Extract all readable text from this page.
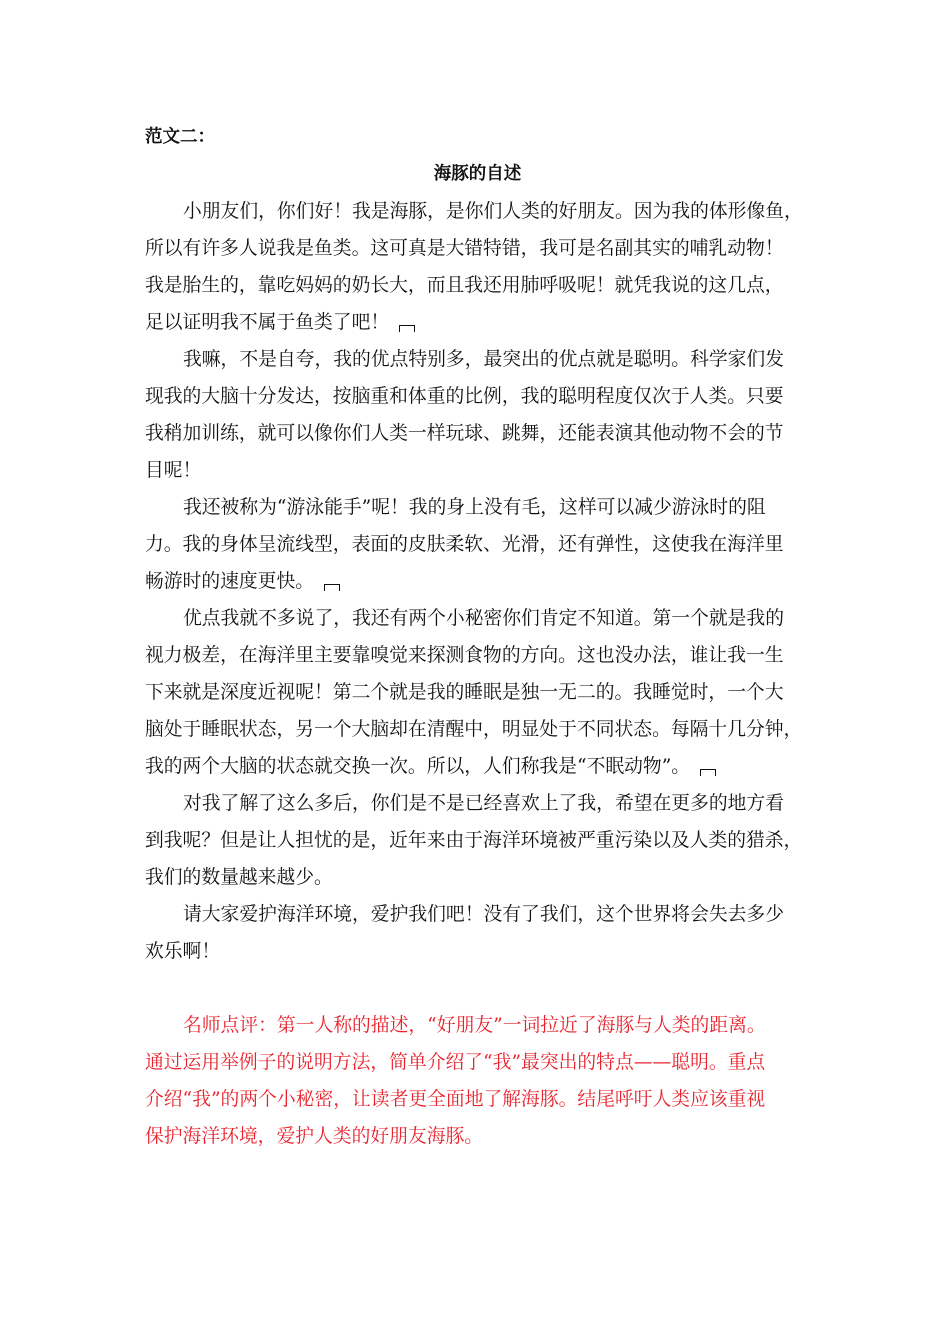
范文二：
海豚的自述
小朋友们，你们好！我是海豚，是你们人类的好朋友。因为我的体形像鱼，
所以有许多人说我是鱼类。这可真是大错特错，我可是名副其实的哺乳动物！
我是胎生的，靠吃妈妈的奶长大，而且我还用肺呼吸呢！就凭我说的这几点，
足以证明我不属于鱼类了吧！
我嘛，不是自夸，我的优点特别多，最突出的优点就是聪明。科学家们发
现我的大脑十分发达，按脑重和体重的比例，我的聪明程度仅次于人类。只要
我稍加训练，就可以像你们人类一样玩球、跳舞，还能表演其他动物不会的节
目呢！
我还被称为“游泳能手”呢！我的身上没有毛，这样可以减少游泳时的阻
力。我的身体呈流线型，表面的皮肤柔软、光滑，还有弹性，这使我在海洋里
畅游时的速度更快。
优点我就不多说了，我还有两个小秘密你们肯定不知道。第一个就是我的
视力极差，在海洋里主要靠嗅觉来探测食物的方向。这也没办法，谁让我一生
下来就是深度近视呢！第二个就是我的睡眠是独一无二的。我睡觉时，一个大
脑处于睡眠状态，另一个大脑却在清醒中，明显处于不同状态。每隔十几分钟，
我的两个大脑的状态就交换一次。所以，人们称我是“不眠动物”。
对我了解了这么多后，你们是不是已经喜欢上了我，希望在更多的地方看
到我呢？但是让人担忧的是，近年来由于海洋环境被严重污染以及人类的猎杀，
我们的数量越来越少。
请大家爱护海洋环境，爱护我们吧！没有了我们，这个世界将会失去多少
欢乐啊！
名师点评：第一人称的描述，“好朋友”一词拉近了海豚与人类的距离。
通过运用举例子的说明方法，简单介绍了“我”最突出的特点——聪明。重点
介绍“我”的两个小秘密，让读者更全面地了解海豚。结尾呼吁人类应该重视
保护海洋环境，爱护人类的好朋友海豚。
